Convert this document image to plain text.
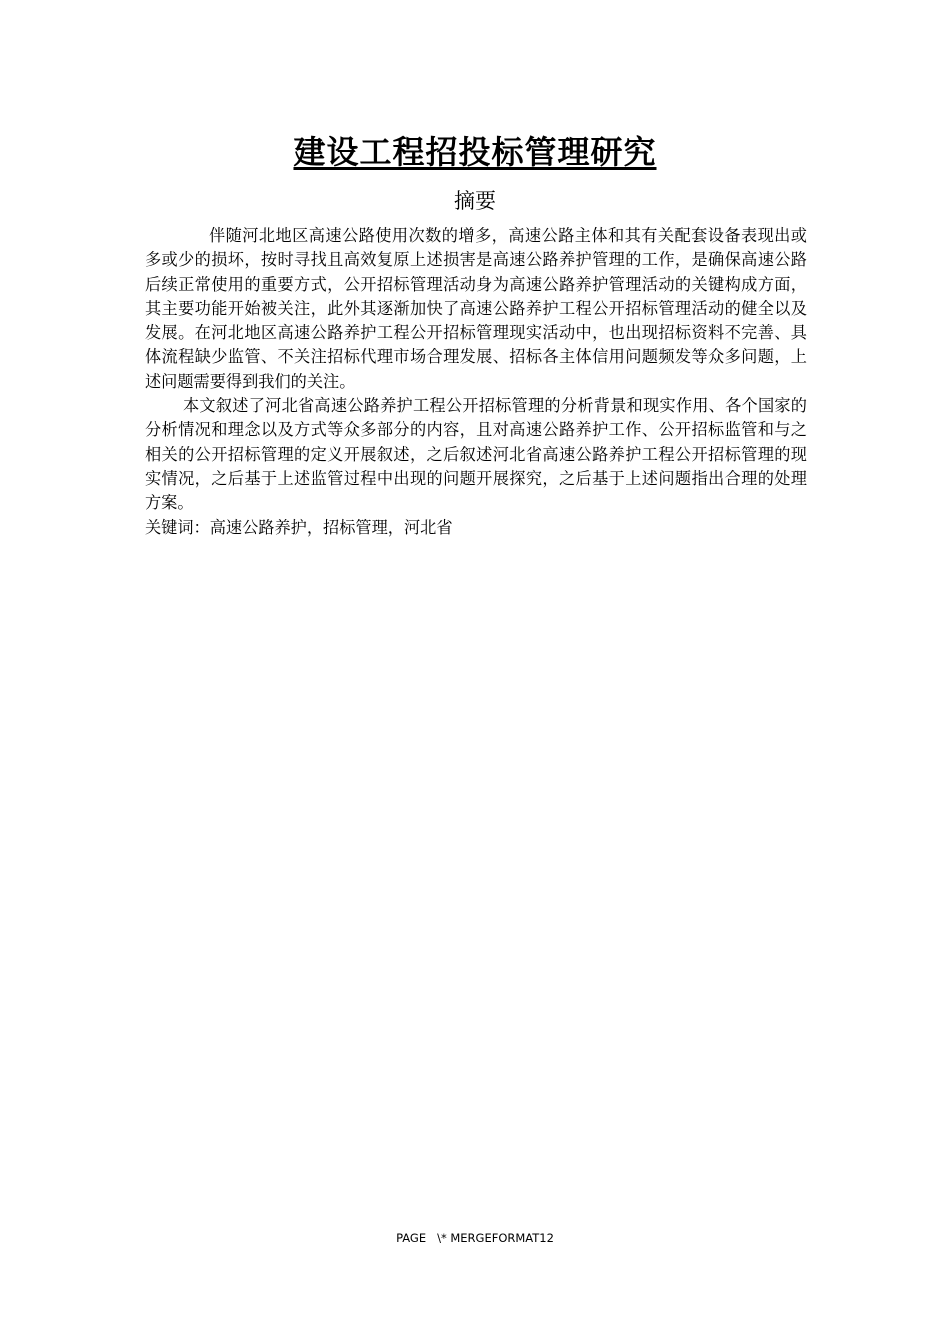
建设工程招投标管理研究
摘要

伴随河北地区高速公路使用次数的增多，高速公路主体和其有关配套设备表现出或多或少的损坏，按时寻找且高效复原上述损害是高速公路养护管理的工作，是确保高速公路后续正常使用的重要方式，公开招标管理活动身为高速公路养护管理活动的关键构成方面，其主要功能开始被关注，此外其逐渐加快了高速公路养护工程公开招标管理活动的健全以及发展。在河北地区高速公路养护工程公开招标管理现实活动中，也出现招标资料不完善、具体流程缺少监管、不关注招标代理市场合理发展、招标各主体信用问题频发等众多问题，上述问题需要得到我们的关注。

本文叙述了河北省高速公路养护工程公开招标管理的分析背景和现实作用、各个国家的分析情况和理念以及方式等众多部分的内容，且对高速公路养护工作、公开招标监管和与之相关的公开招标管理的定义开展叙述，之后叙述河北省高速公路养护工程公开招标管理的现实情况，之后基于上述监管过程中出现的问题开展探究，之后基于上述问题指出合理的处理方案。

关键词：高速公路养护，招标管理，河北省

PAGE   \* MERGEFORMAT12
